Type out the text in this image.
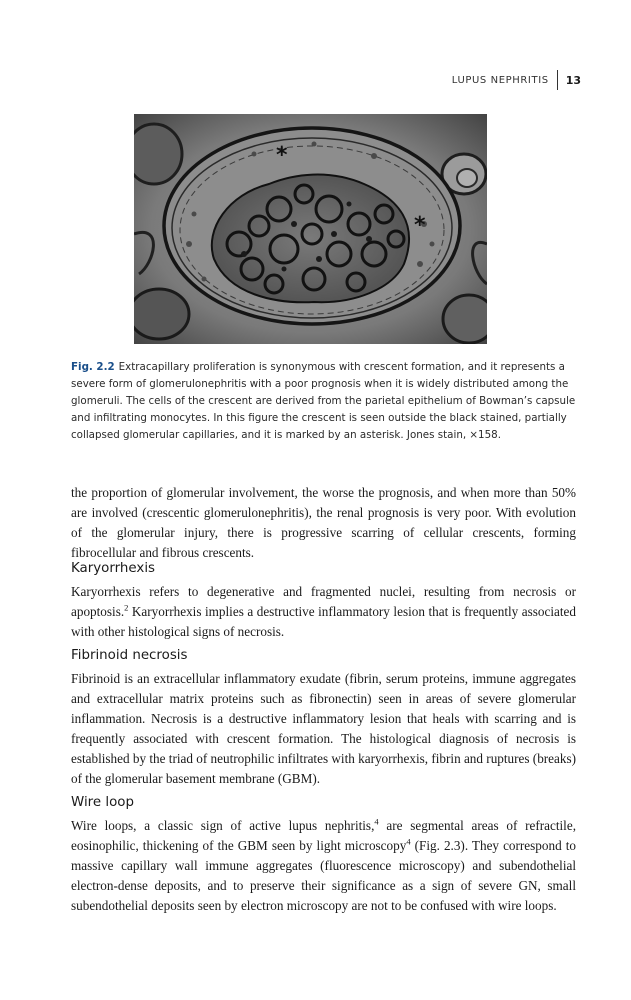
LUPUS NEPHRITIS 13
*
*
Fig. 2.2 Extracapillary proliferation is synonymous with crescent formation, and it represents a severe form of glomerulonephritis with a poor prognosis when it is widely distributed among the glomeruli. The cells of the crescent are derived from the parietal epithelium of Bowman’s capsule and infiltrating monocytes. In this figure the crescent is seen outside the black stained, partially collapsed glomerular capillaries, and it is marked by an asterisk. Jones stain, ×158.

the proportion of glomerular involvement, the worse the prognosis, and when more than 50% are involved (crescentic glomerulonephritis), the renal prognosis is very poor. With evolution of the glomerular injury, there is progressive scarring of cellular crescents, forming fibrocellular and fibrous crescents.

Karyorrhexis

Karyorrhexis refers to degenerative and fragmented nuclei, resulting from necrosis or apoptosis.$^2$ Karyorrhexis implies a destructive inflammatory lesion that is frequently associated with other histological signs of necrosis.

Fibrinoid necrosis

Fibrinoid is an extracellular inflammatory exudate (fibrin, serum proteins, immune aggregates and extracellular matrix proteins such as fibronectin) seen in areas of severe glomerular inflammation. Necrosis is a destructive inflammatory lesion that heals with scarring and is frequently associated with crescent formation. The histological diagnosis of necrosis is established by the triad of neutrophilic infiltrates with karyorrhexis, fibrin and ruptures (breaks) of the glomerular basement membrane (GBM).

Wire loop

Wire loops, a classic sign of active lupus nephritis,$^4$ are segmental areas of refractile, eosinophilic, thickening of the GBM seen by light microscopy$^4$ (Fig. 2.3). They correspond to massive capillary wall immune aggregates (fluorescence microscopy) and subendothelial electron-dense deposits, and to preserve their significance as a sign of severe GN, small subendothelial deposits seen by electron microscopy are not to be confused with wire loops.
